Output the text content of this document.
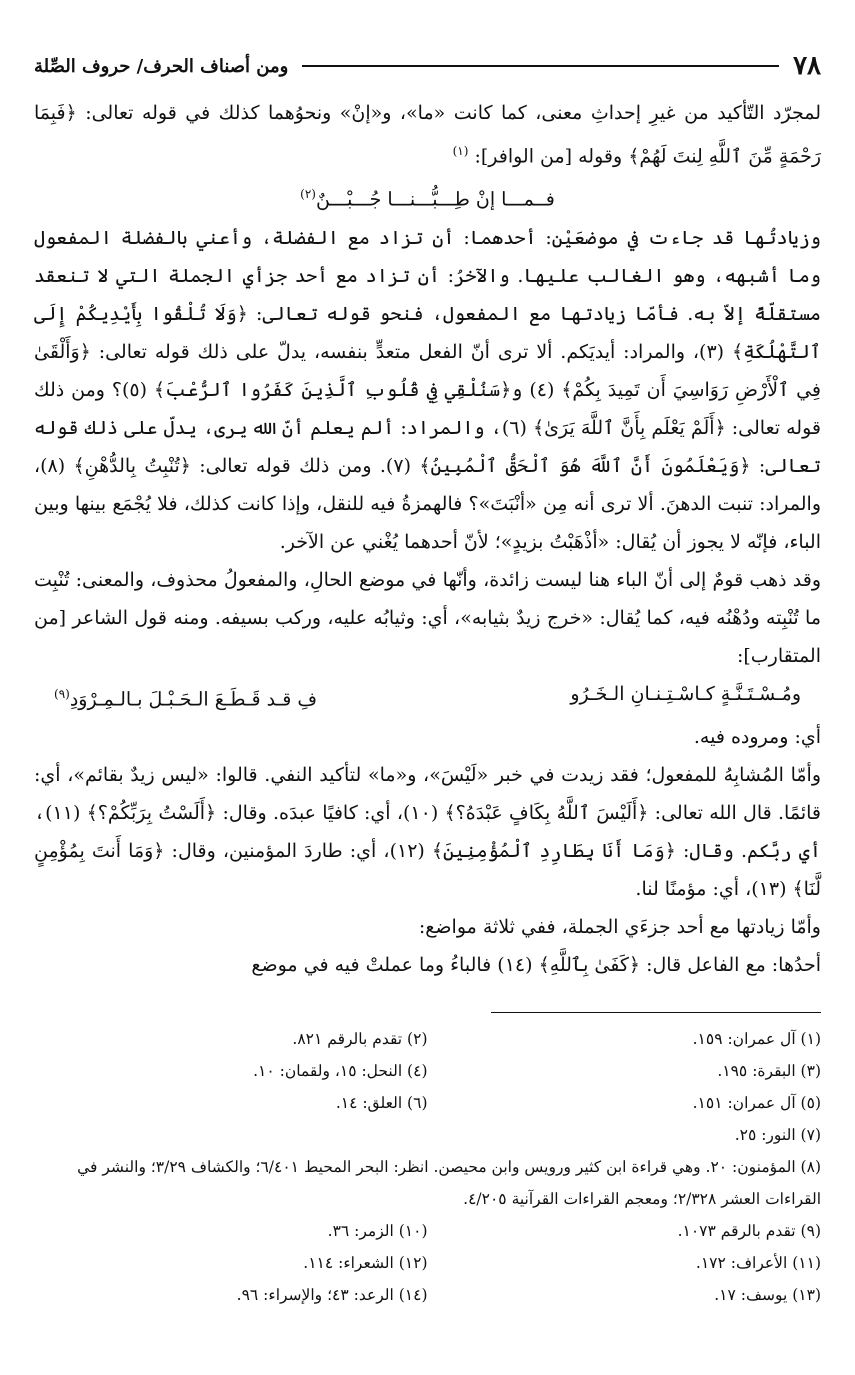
٧٨
ومن أصناف الحرف/ حروف الصِّلة

لمجرّد التّأكيد من غيرِ إحداثِ معنى، كما كانت «ما»، و«إنْ» ونحوُهما كذلك في قوله تعالى: ﴿فَبِمَا رَحْمَةٍ مِّنَ ٱللَّهِ لِنتَ لَهُمْ﴾ وقوله [من الوافر]: $^{(١)}$

فــمـــا إنْ طِـــبُّـــنـــا جُـــبْـــنٌ$^{(٢)}$

وزيادتُها قد جاءت في موضعَيْن: أحدهما: أن تزاد مع الفضلة، وأعني بالفضلة المفعول وما أشبهه، وهو الغالب عليها. والآخرُ: أن تزاد مع أحد جزأي الجملة التي لا تنعقد مستقلّةً إلاّ به. فأمّا زيادتها مع المفعول، فنحو قوله تعالى: ﴿وَلَا تُلْقُوا بِأَيْدِيكُمْ إِلَى ٱلتَّهْلُكَةِ﴾ (٣)، والمراد: أيديَكم. ألا ترى أنّ الفعل متعدٍّ بنفسه، يدلّ على ذلك قوله تعالى: ﴿وَأَلْقَىٰ فِي ٱلْأَرْضِ رَوَاسِيَ أَن تَمِيدَ بِكُمْ﴾ (٤) و﴿سَنُلْقِي فِي قُلُوبِ ٱلَّذِينَ كَفَرُوا ٱلرُّعْبَ﴾ (٥)؟ ومن ذلك قوله تعالى: ﴿أَلَمْ يَعْلَم بِأَنَّ ٱللَّهَ يَرَىٰ﴾ (٦)، والمراد: ألم يعلم أنّ الله يرى، يدلّ على ذلك قوله تعالى: ﴿وَيَعْلَمُونَ أَنَّ ٱللَّهَ هُوَ ٱلْحَقُّ ٱلْمُبِينُ﴾ (٧). ومن ذلك قوله تعالى: ﴿تُنْبِتُ بِالدُّهْنِ﴾ (٨)، والمراد: تنبت الدهنَ. ألا ترى أنه مِن «أنْبَتَ»؟ فالهمزةُ فيه للنقل، وإذا كانت كذلك، فلا يُجْمَع بينها وبين الباء، فإنّه لا يجوز أن يُقال: «أذْهَبْتُ بزيدٍ»؛ لأنّ أحدهما يُغْني عن الآخر.

وقد ذهب قومٌ إلى أنّ الباء هنا ليست زائدة، وأنّها في موضع الحالِ، والمفعولُ محذوف، والمعنى: تُنْبِت ما تُنْبِته ودُهْنُه فيه، كما يُقال: «خرج زيدٌ بثيابه»، أي: وثيابُه عليه، وركب بسيفه. ومنه قول الشاعر [من المتقارب]:

ومُـسْـتَـنَّـةٍ كـاسْـتِـنـانِ الـخَـرُو
فِ قـد قَـطَـعَ الـحَـبْـلَ بـالـمِـرْوَدِ$^{(٩)}$

أي: ومروده فيه.

وأمّا المُشابِهُ للمفعول؛ فقد زيدت في خبر «لَيْسَ»، و«ما» لتأكيد النفي. قالوا: «ليس زيدٌ بقائم»، أي: قائمًا. قال الله تعالى: ﴿أَلَيْسَ ٱللَّهُ بِكَافٍ عَبْدَهُ؟﴾ (١٠)، أي: كافيًا عبدَه. وقال: ﴿أَلَسْتُ بِرَبِّكُمْ؟﴾ (١١)، أي ربَّكم. وقال: ﴿وَمَا أَنَا بِطَارِدِ ٱلْمُؤْمِنِينَ﴾ (١٢)، أي: طاردَ المؤمنين، وقال: ﴿وَمَا أَنتَ بِمُؤْمِنٍ لَّنَا﴾ (١٣)، أي: مؤمنًا لنا.

وأمّا زيادتها مع أحد جزءَي الجملة، ففي ثلاثة مواضع:

أحدُها: مع الفاعل قال: ﴿كَفَىٰ بِٱللَّهِ﴾ (١٤) فالباءُ وما عملتْ فيه في موضع

(١) آل عمران: ١٥٩.
(٢) تقدم بالرقم ٨٢١.
(٣) البقرة: ١٩٥.
(٤) النحل: ١٥، ولقمان: ١٠.
(٥) آل عمران: ١٥١.
(٦) العلق: ١٤.
(٧) النور: ٢٥.
(٨) المؤمنون: ٢٠. وهي قراءة ابن كثير ورويس وابن محيصن. انظر: البحر المحيط ٦/٤٠١؛ والكشاف ٣/٢٩؛ والنشر في القراءات العشر ٢/٣٢٨؛ ومعجم القراءات القرآنية ٤/٢٠٥.
(٩) تقدم بالرقم ١٠٧٣.
(١٠) الزمر: ٣٦.
(١١) الأعراف: ١٧٢.
(١٢) الشعراء: ١١٤.
(١٣) يوسف: ١٧.
(١٤) الرعد: ٤٣؛ والإسراء: ٩٦.
